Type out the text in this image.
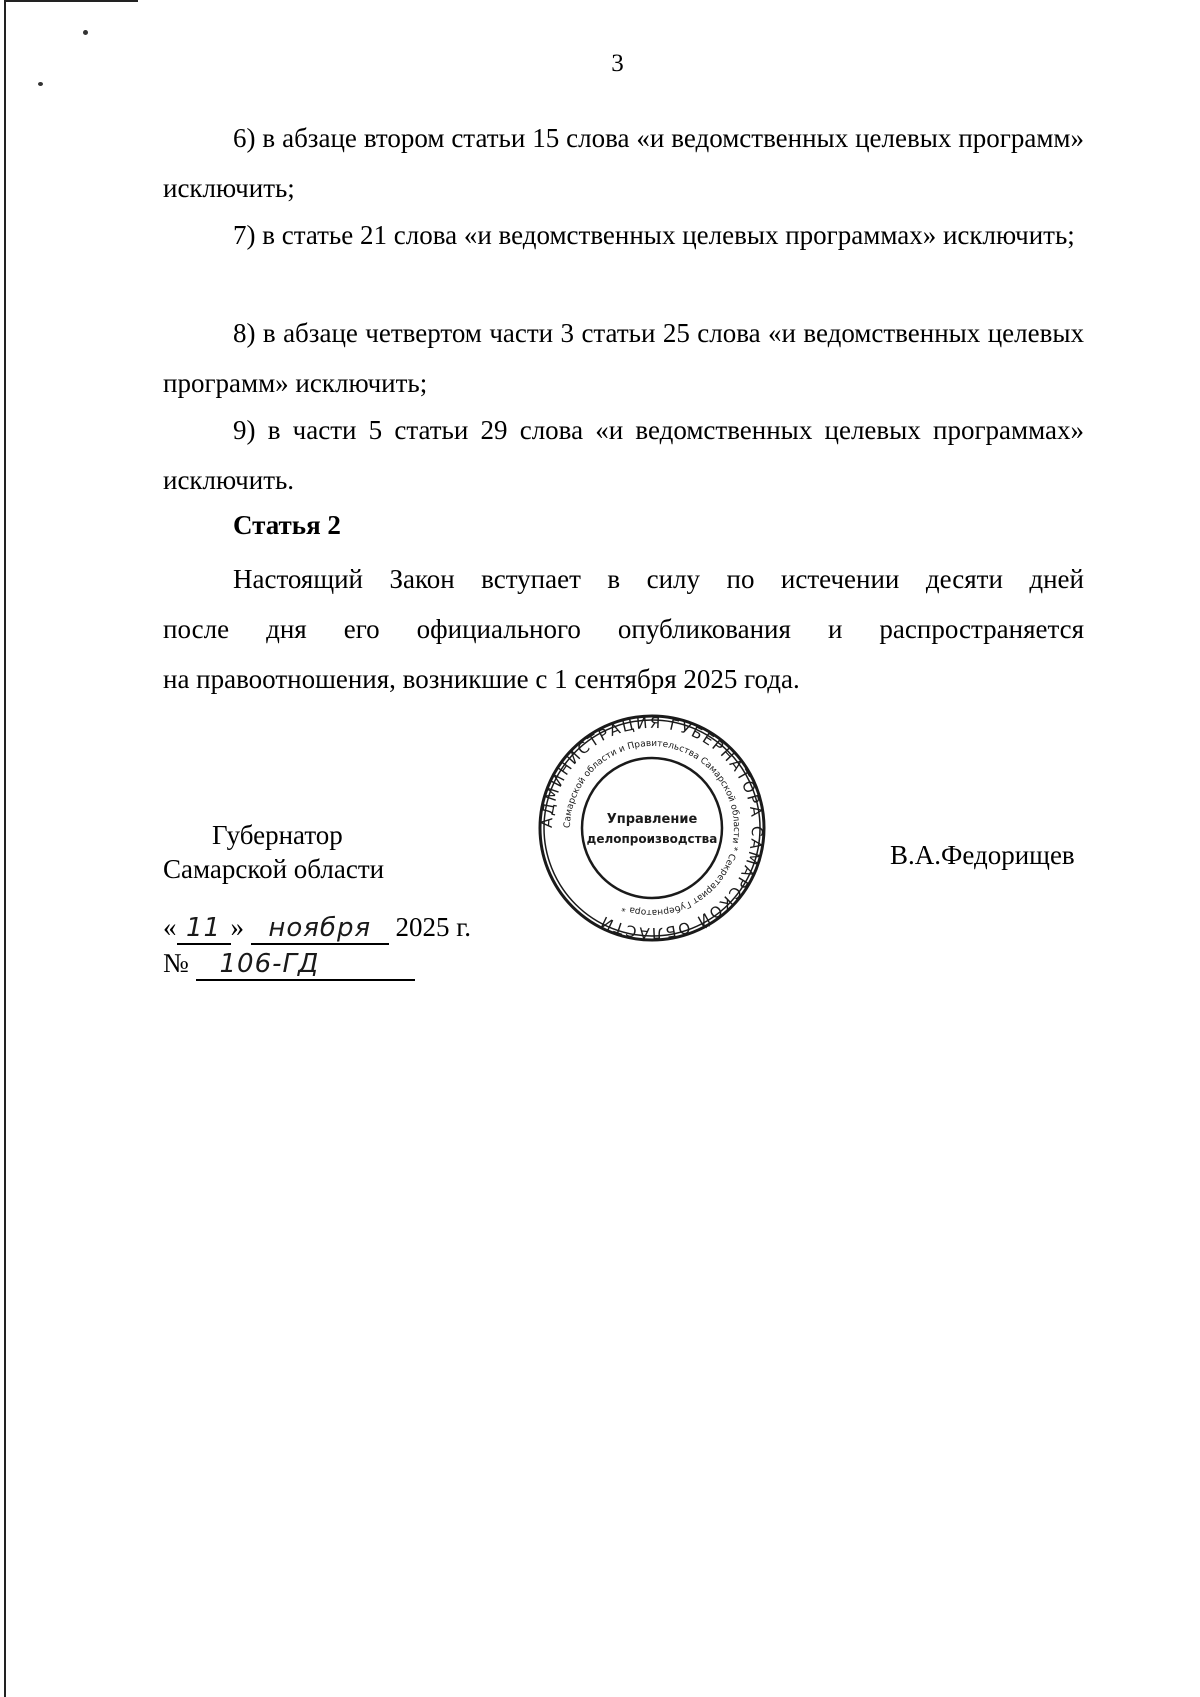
3
6) в абзаце втором статьи 15 слова «и ведомственных целевых программ» исключить;
7) в статье 21 слова «и ведомственных целевых программах» исключить;
8) в абзаце четвертом части 3 статьи 25 слова «и ведомственных целевых программ» исключить;
9) в части 5 статьи 29 слова «и ведомственных целевых программах» исключить.
Статья 2
Настоящий Закон вступает в силу по истечении десяти дней
после дня его официального опубликования и распространяется
на правоотношения, возникшие с 1 сентября 2025 года.
Губернатор
Самарской области	В.А.Федорищев
АДМИНИСТРАЦИЯ ГУБЕРНАТОРА САМАРСКОЙ ОБЛАСТИ
Самарской области и Правительства Самарской области * Секретариат Губернатора *
Управление
делопроизводства
« 11 » ноября 2025 г.
№ 106-ГД
